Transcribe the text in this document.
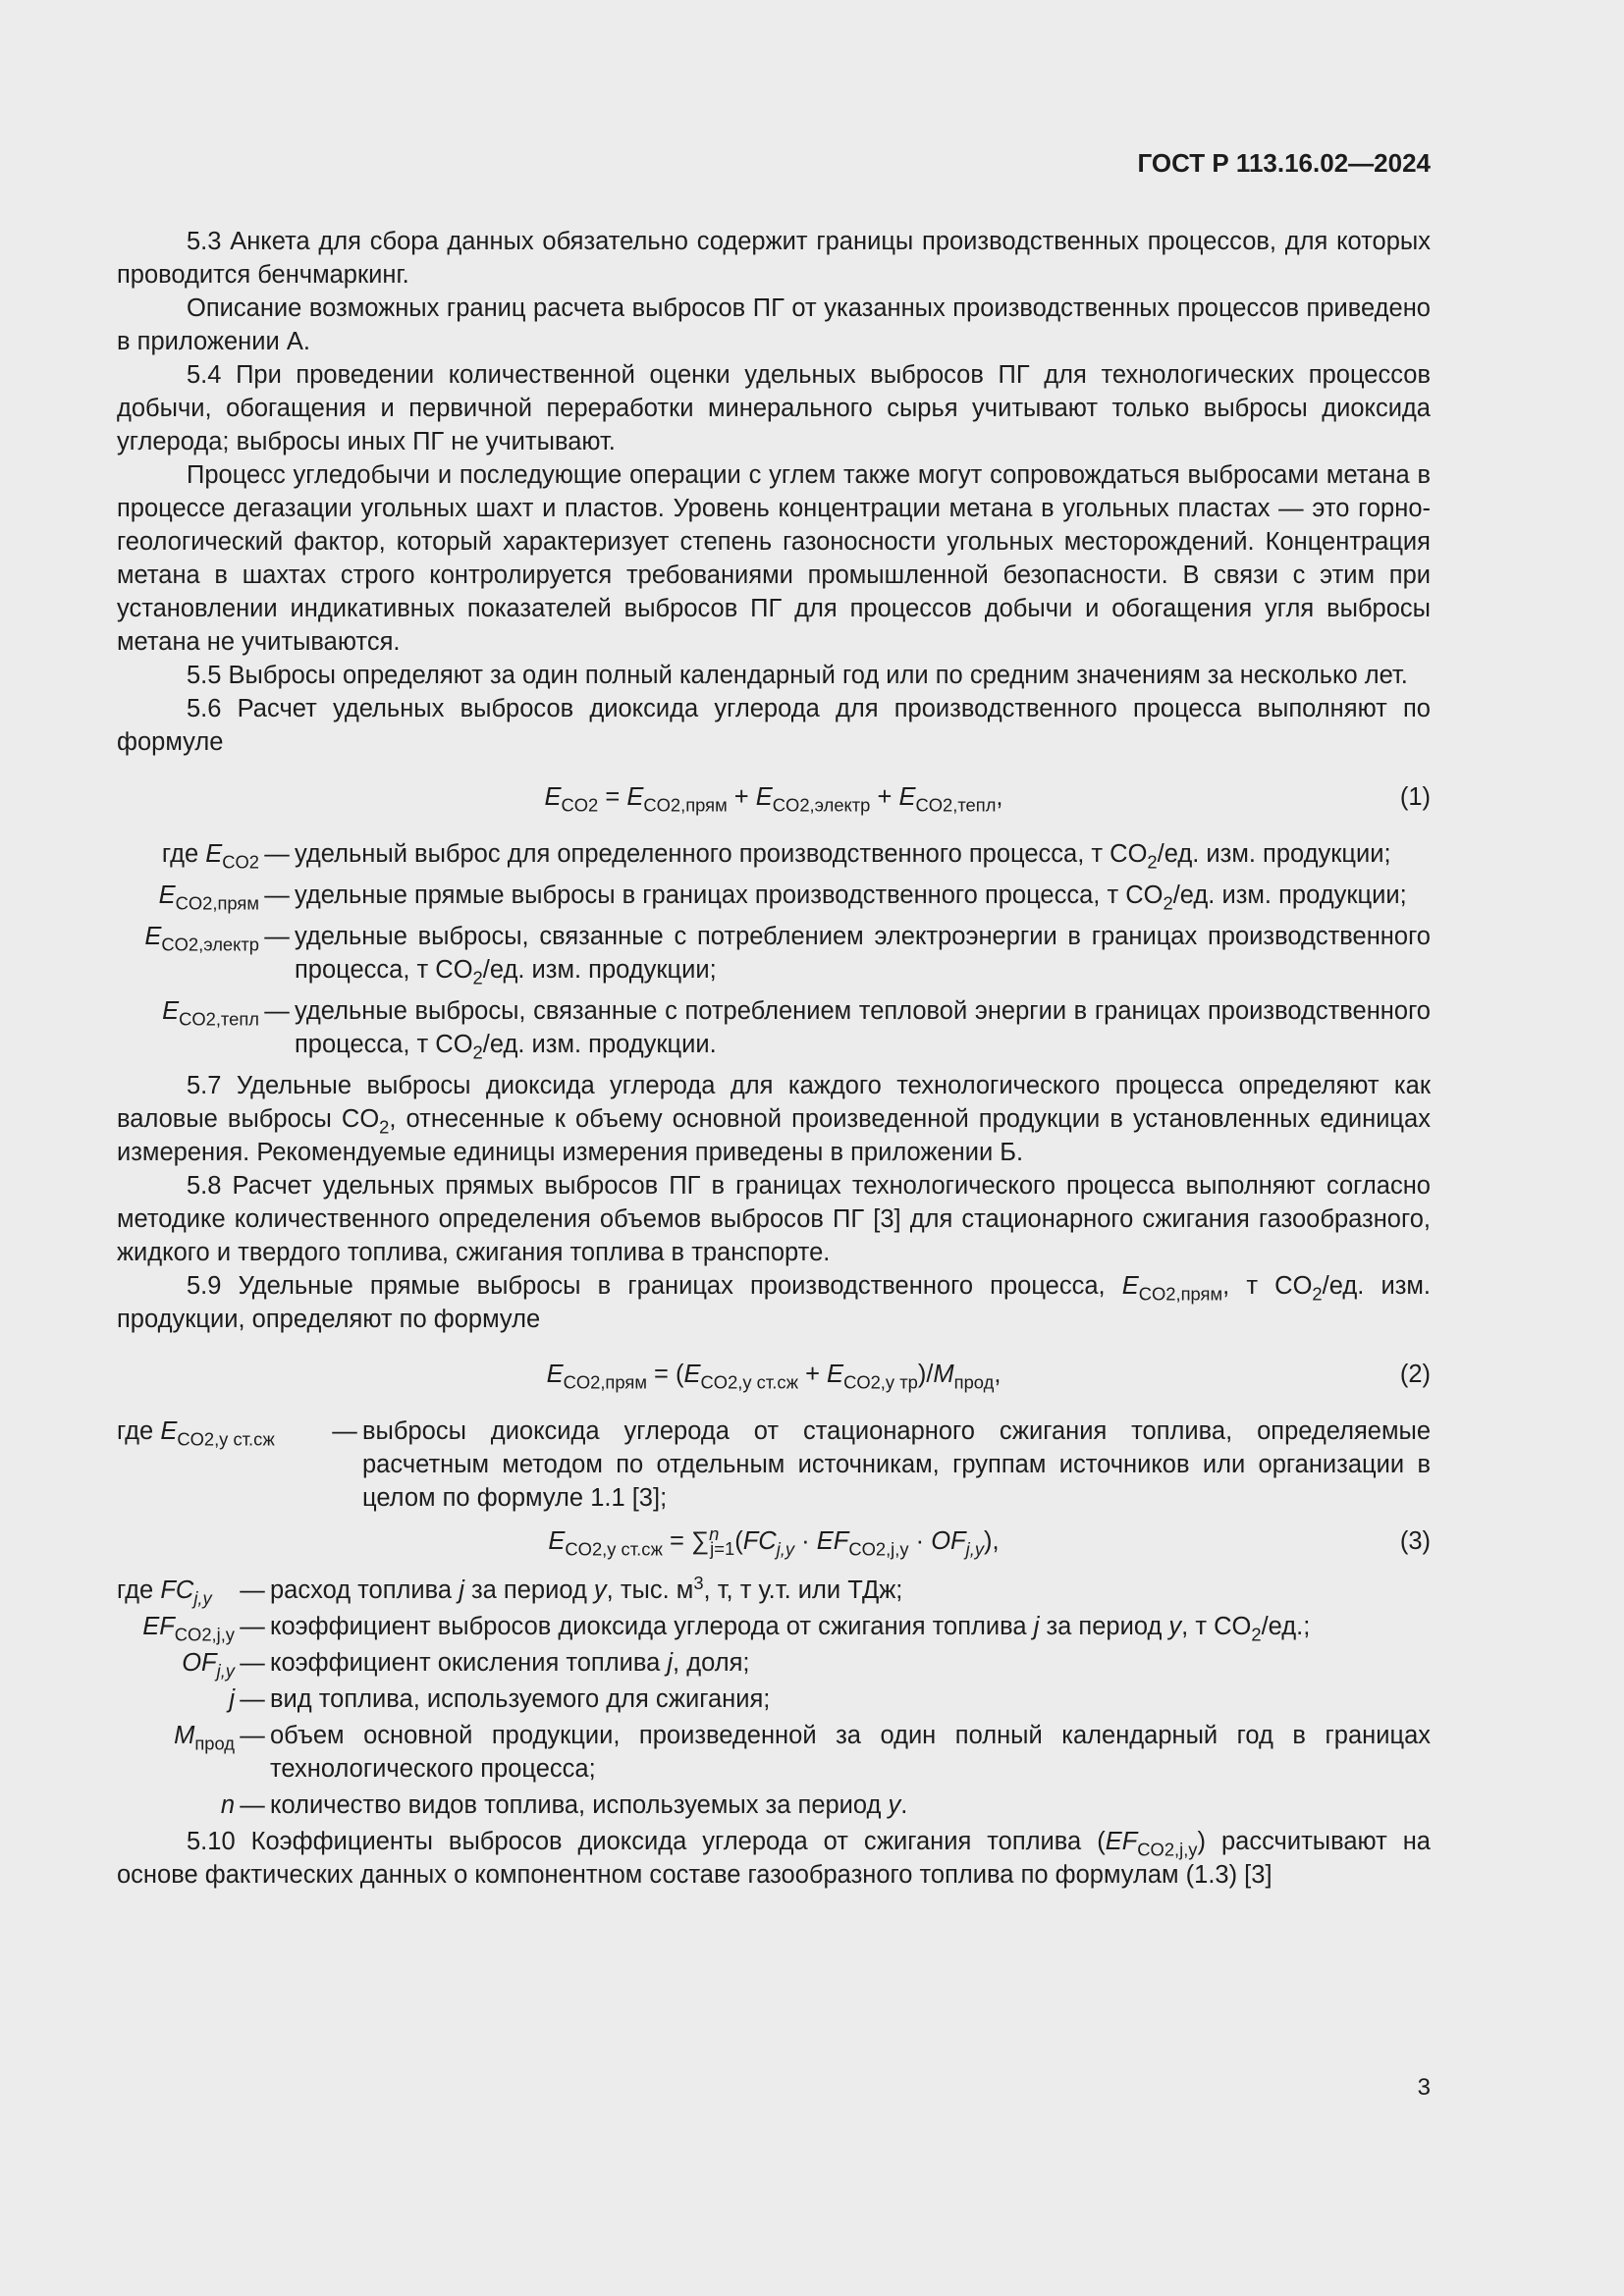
ГОСТ Р 113.16.02—2024

5.3 Анкета для сбора данных обязательно содержит границы производственных процессов, для которых проводится бенчмаркинг.

Описание возможных границ расчета выбросов ПГ от указанных производственных процессов приведено в приложении А.

5.4 При проведении количественной оценки удельных выбросов ПГ для технологических процессов добычи, обогащения и первичной переработки минерального сырья учитывают только выбросы диоксида углерода; выбросы иных ПГ не учитывают.

Процесс угледобычи и последующие операции с углем также могут сопровождаться выбросами метана в процессе дегазации угольных шахт и пластов. Уровень концентрации метана в угольных пластах — это горно-геологический фактор, который характеризует степень газоносности угольных месторождений. Концентрация метана в шахтах строго контролируется требованиями промышленной безопасности. В связи с этим при установлении индикативных показателей выбросов ПГ для процессов добычи и обогащения угля выбросы метана не учитываются.

5.5 Выбросы определяют за один полный календарный год или по средним значениям за несколько лет.

5.6 Расчет удельных выбросов диоксида углерода для производственного процесса выполняют по формуле

$E_{CO2} = E_{CO2,прям} + E_{CO2,электр} + E_{CO2,тепл}$,	(1)
где $E_{CO2}$ — удельный выброс для определенного производственного процесса, т $CO_2/ед$. изм. продукции;
$E_{CO2,прям}$ — удельные прямые выбросы в границах производственного процесса, т $CO_2/ед$. изм. продукции;
$E_{CO2,электр}$ — удельные выбросы, связанные с потреблением электроэнергии в границах производственного процесса, т $CO_2/ед$. изм. продукции;
$E_{CO2,тепл}$ — удельные выбросы, связанные с потреблением тепловой энергии в границах производственного процесса, т $CO_2/ед$. изм. продукции.

5.7 Удельные выбросы диоксида углерода для каждого технологического процесса определяют как валовые выбросы $CO_2$, отнесенные к объему основной произведенной продукции в установленных единицах измерения. Рекомендуемые единицы измерения приведены в приложении Б.

5.8 Расчет удельных прямых выбросов ПГ в границах технологического процесса выполняют согласно методике количественного определения объемов выбросов ПГ [3] для стационарного сжигания газообразного, жидкого и твердого топлива, сжигания топлива в транспорте.

5.9 Удельные прямые выбросы в границах производственного процесса, $E_{CO2,прям}$, т $CO_2/ед$. изм. продукции, определяют по формуле

$E_{CO2,прям} = (E_{CO2,y ст.сж} + E_{CO2,y тр})/M_{прод}$,	(2)
где $E_{CO2,y ст.сж}$	— выбросы диоксида углерода от стационарного сжигания топлива, определяемые расчетным методом по отдельным источникам, группам источников или организации в целом по формуле 1.1 [3];
$E_{CO2,y ст.сж} = \sum^n_{j=1}(FC_{j,y} \cdot EF_{CO2,j,y} \cdot OF_{j,y})$,	(3)
где $FC_{j,y}$	— расход топлива j за период y, тыс. $м^3$, т, т у.т. или ТДж;
$EF_{CO2,j,y}$ — коэффициент выбросов диоксида углерода от сжигания топлива j за период y, т $CO_2/ед$.;
$OF_{j,y}$ — коэффициент окисления топлива j, доля;
j — вид топлива, используемого для сжигания;
$M_{прод}$ — объем основной продукции, произведенной за один полный календарный год в границах технологического процесса;
n — количество видов топлива, используемых за период y.

5.10 Коэффициенты выбросов диоксида углерода от сжигания топлива $(EF_{CO2,j,y})$ рассчитывают на основе фактических данных о компонентном составе газообразного топлива по формулам (1.3) [3]

3
